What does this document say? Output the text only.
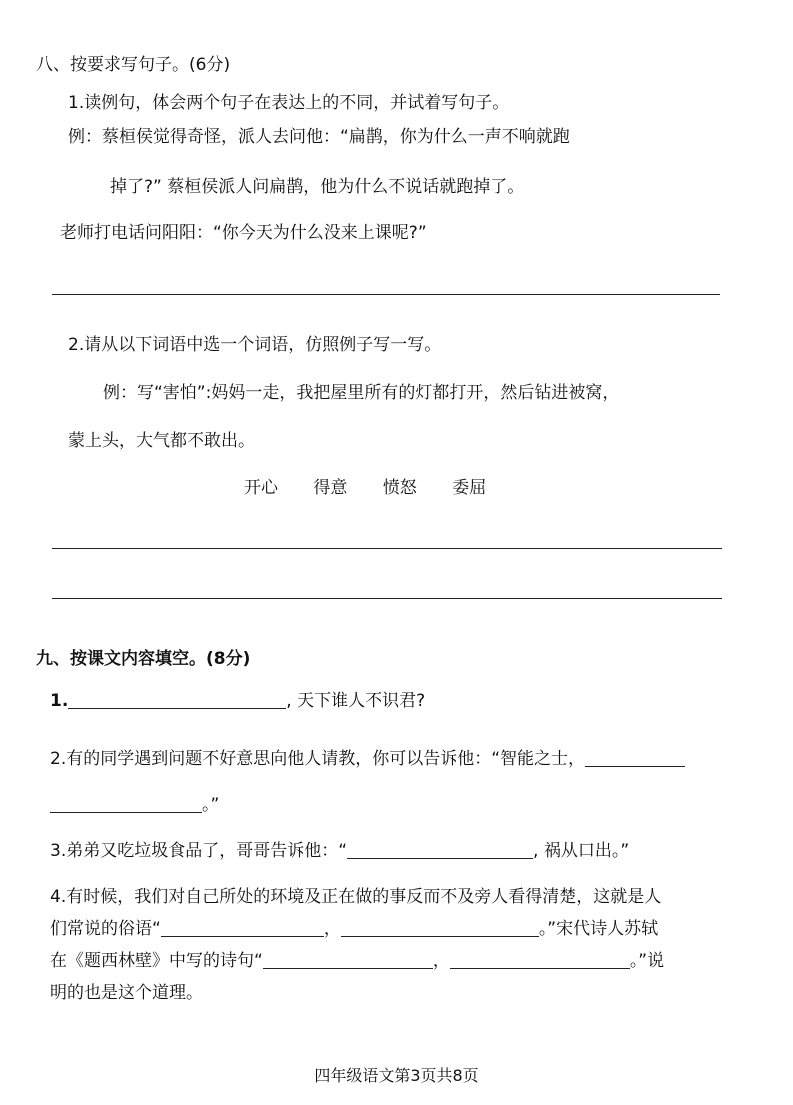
八、按要求写句子。(6分)
1.读例句，体会两个句子在表达上的不同，并试着写句子。
例：蔡桓侯觉得奇怪，派人去问他：“扁鹊，你为什么一声不响就跑
掉了?” 蔡桓侯派人问扁鹊，他为什么不说话就跑掉了。
老师打电话问阳阳：“你今天为什么没来上课呢?”
2.请从以下词语中选一个词语，仿照例子写一写。
例：写“害怕”:妈妈一走，我把屋里所有的灯都打开，然后钻进被窝，
蒙上头，大气都不敢出。
开心 得意 愤怒 委屈
九、按课文内容填空。(8分)
1.	, 天下谁人不识君?
2.有的同学遇到问题不好意思向他人请教，你可以告诉他：“智能之士，
。”
3.弟弟又吃垃圾食品了，哥哥告诉他：“	, 祸从口出。”
4.有时候，我们对自己所处的环境及正在做的事反而不及旁人看得清楚，这就是人
们常说的俗语“	，	。”宋代诗人苏轼
在《题西林壁》中写的诗句“	，	。”说
明的也是这个道理。
四年级语文第3页共8页
